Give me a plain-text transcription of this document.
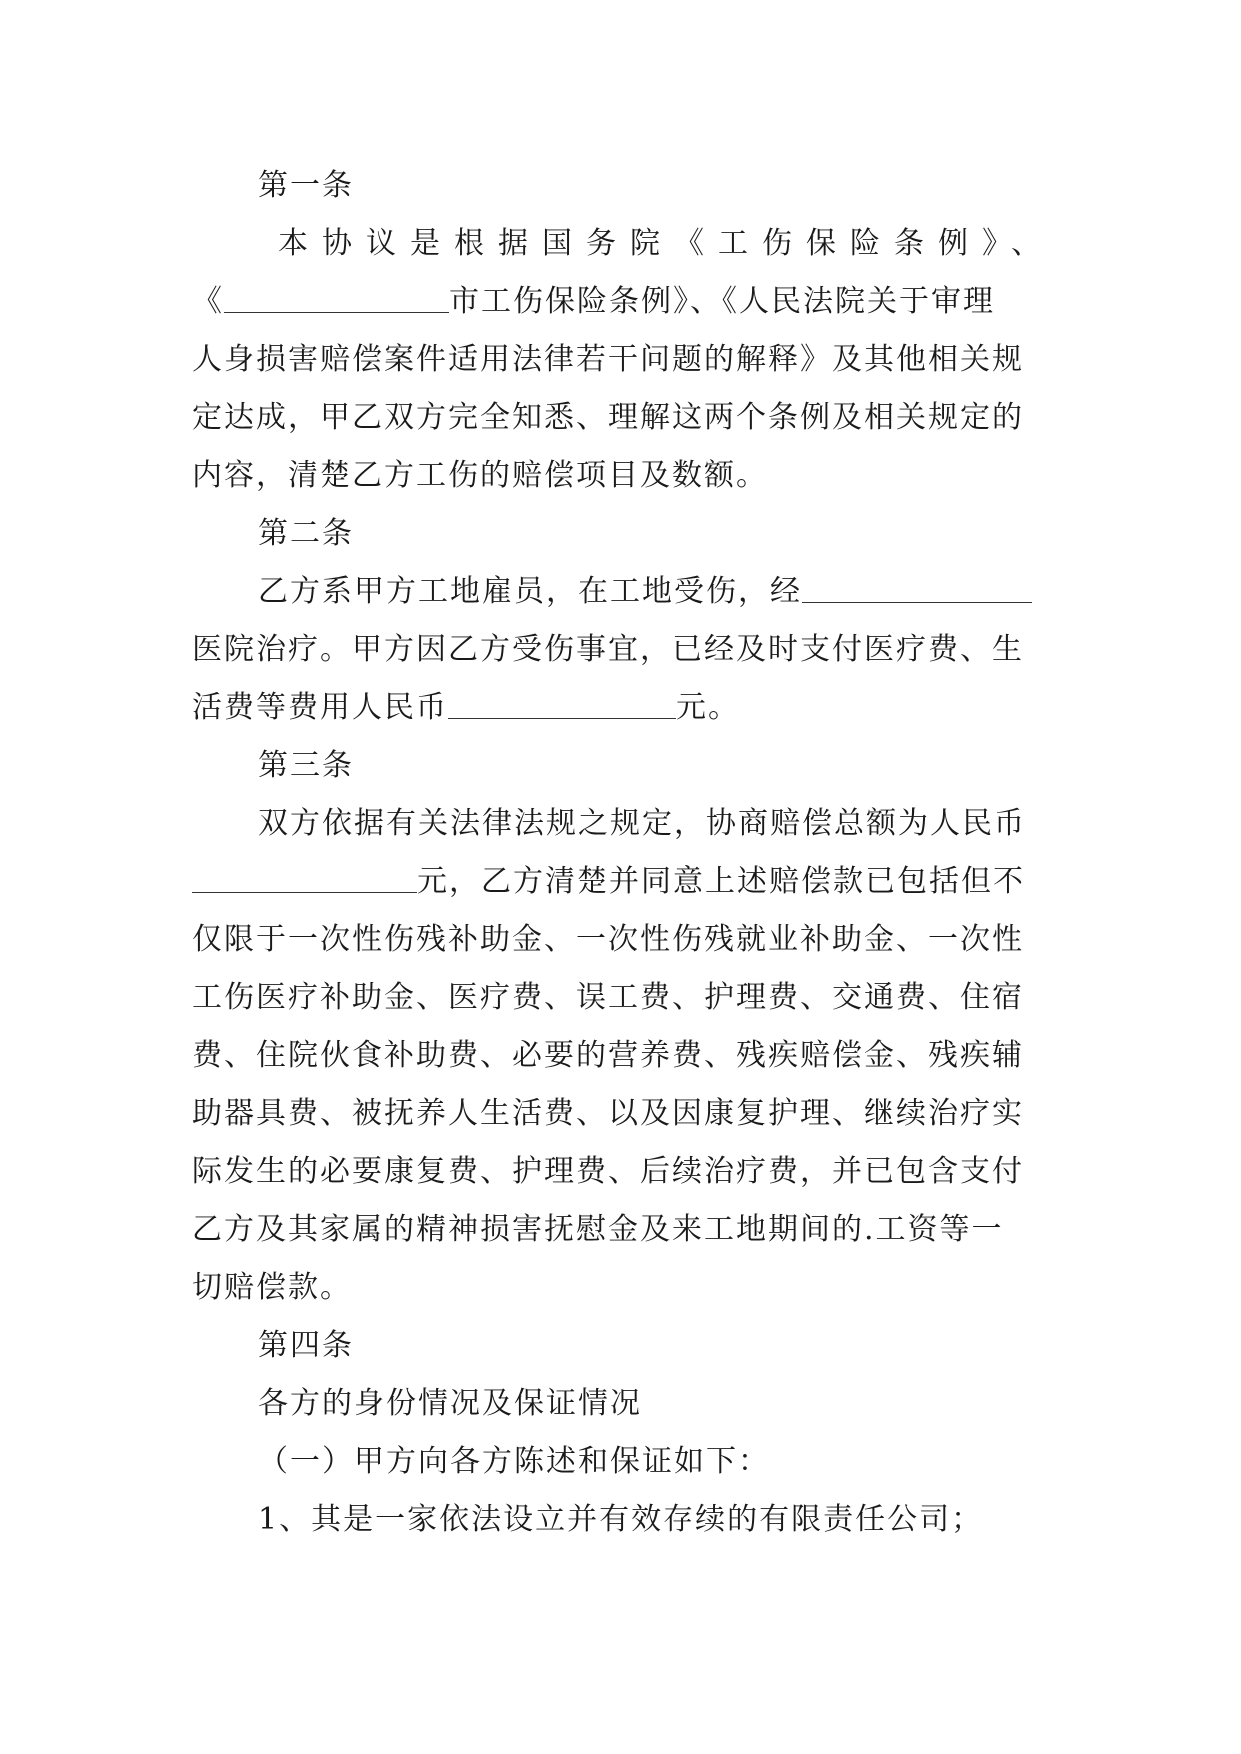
第一条
本协议是根据国务院《工伤保险条例》、
《	市工伤保险条例》、《人民法院关于审理
人身损害赔偿案件适用法律若干问题的解释》及其他相关规
定达成，甲乙双方完全知悉、理解这两个条例及相关规定的
内容，清楚乙方工伤的赔偿项目及数额。
第二条
乙方系甲方工地雇员，在工地受伤，经
医院治疗。甲方因乙方受伤事宜，已经及时支付医疗费、生
活费等费用人民币	元。
第三条
双方依据有关法律法规之规定，协商赔偿总额为人民币
元，乙方清楚并同意上述赔偿款已包括但不
仅限于一次性伤残补助金、一次性伤残就业补助金、一次性
工伤医疗补助金、医疗费、误工费、护理费、交通费、住宿
费、住院伙食补助费、必要的营养费、残疾赔偿金、残疾辅
助器具费、被抚养人生活费、以及因康复护理、继续治疗实
际发生的必要康复费、护理费、后续治疗费，并已包含支付
乙方及其家属的精神损害抚慰金及来工地期间的.工资等一
切赔偿款。
第四条
各方的身份情况及保证情况
（一）甲方向各方陈述和保证如下：
1、其是一家依法设立并有效存续的有限责任公司；
